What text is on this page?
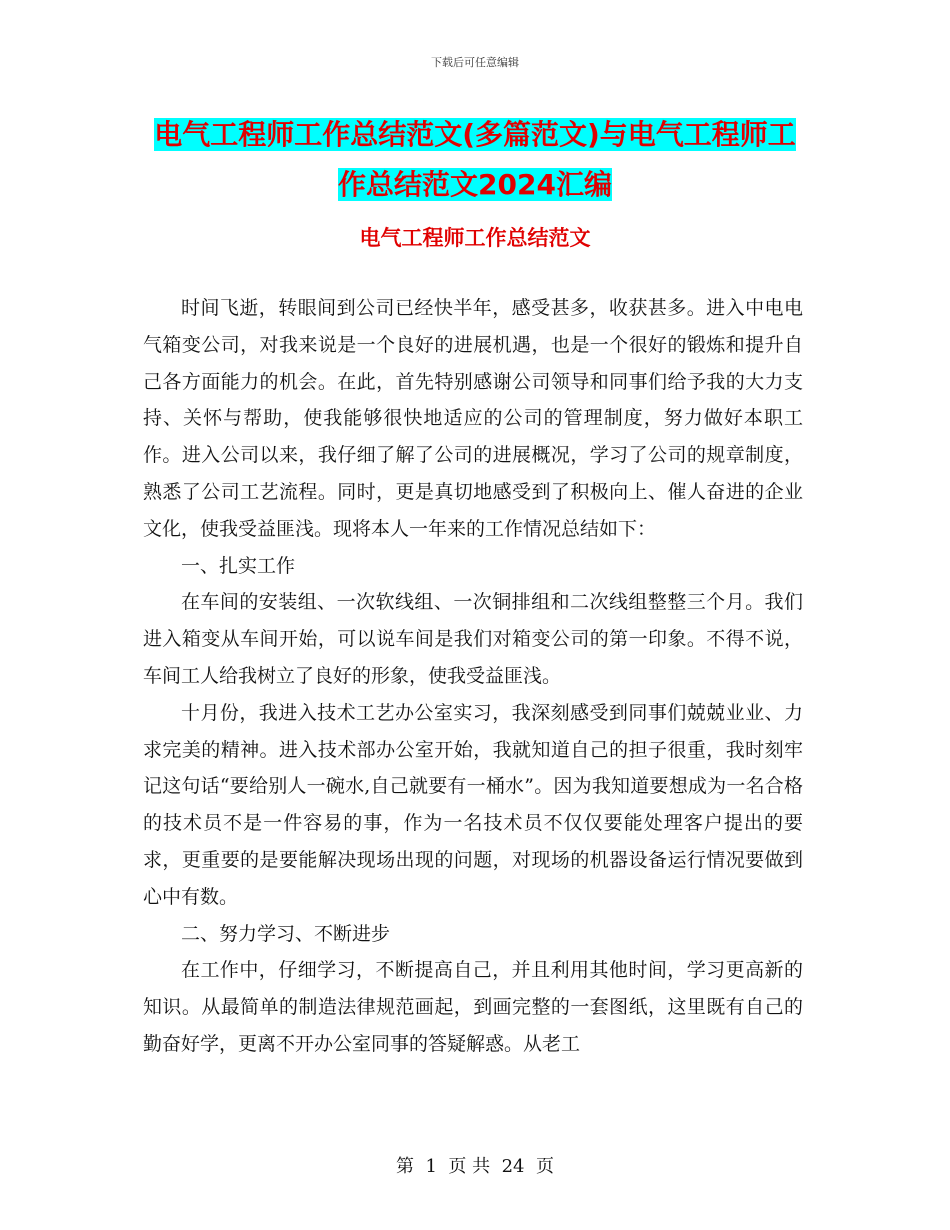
下载后可任意编辑
电气工程师工作总结范文(多篇范文)与电气工程师工
作总结范文2024汇编
电气工程师工作总结范文

时间飞逝，转眼间到公司已经快半年，感受甚多，收获甚多。进入中电电气箱变公司，对我来说是一个良好的进展机遇，也是一个很好的锻炼和提升自己各方面能力的机会。在此，首先特别感谢公司领导和同事们给予我的大力支持、关怀与帮助，使我能够很快地适应的公司的管理制度，努力做好本职工作。进入公司以来，我仔细了解了公司的进展概况，学习了公司的规章制度，熟悉了公司工艺流程。同时，更是真切地感受到了积极向上、催人奋进的企业文化，使我受益匪浅。现将本人一年来的工作情况总结如下：

一、扎实工作

在车间的安装组、一次软线组、一次铜排组和二次线组整整三个月。我们进入箱变从车间开始，可以说车间是我们对箱变公司的第一印象。不得不说，车间工人给我树立了良好的形象，使我受益匪浅。

十月份，我进入技术工艺办公室实习，我深刻感受到同事们兢兢业业、力求完美的精神。进入技术部办公室开始，我就知道自己的担子很重，我时刻牢记这句话“要给别人一碗水,自己就要有一桶水”。因为我知道要想成为一名合格的技术员不是一件容易的事，作为一名技术员不仅仅要能处理客户提出的要求，更重要的是要能解决现场出现的问题，对现场的机器设备运行情况要做到心中有数。

二、努力学习、不断进步

在工作中，仔细学习，不断提高自己，并且利用其他时间，学习更高新的知识。从最简单的制造法律规范画起，到画完整的一套图纸，这里既有自己的勤奋好学，更离不开办公室同事的答疑解惑。从老工

第 1 页 共 24 页
